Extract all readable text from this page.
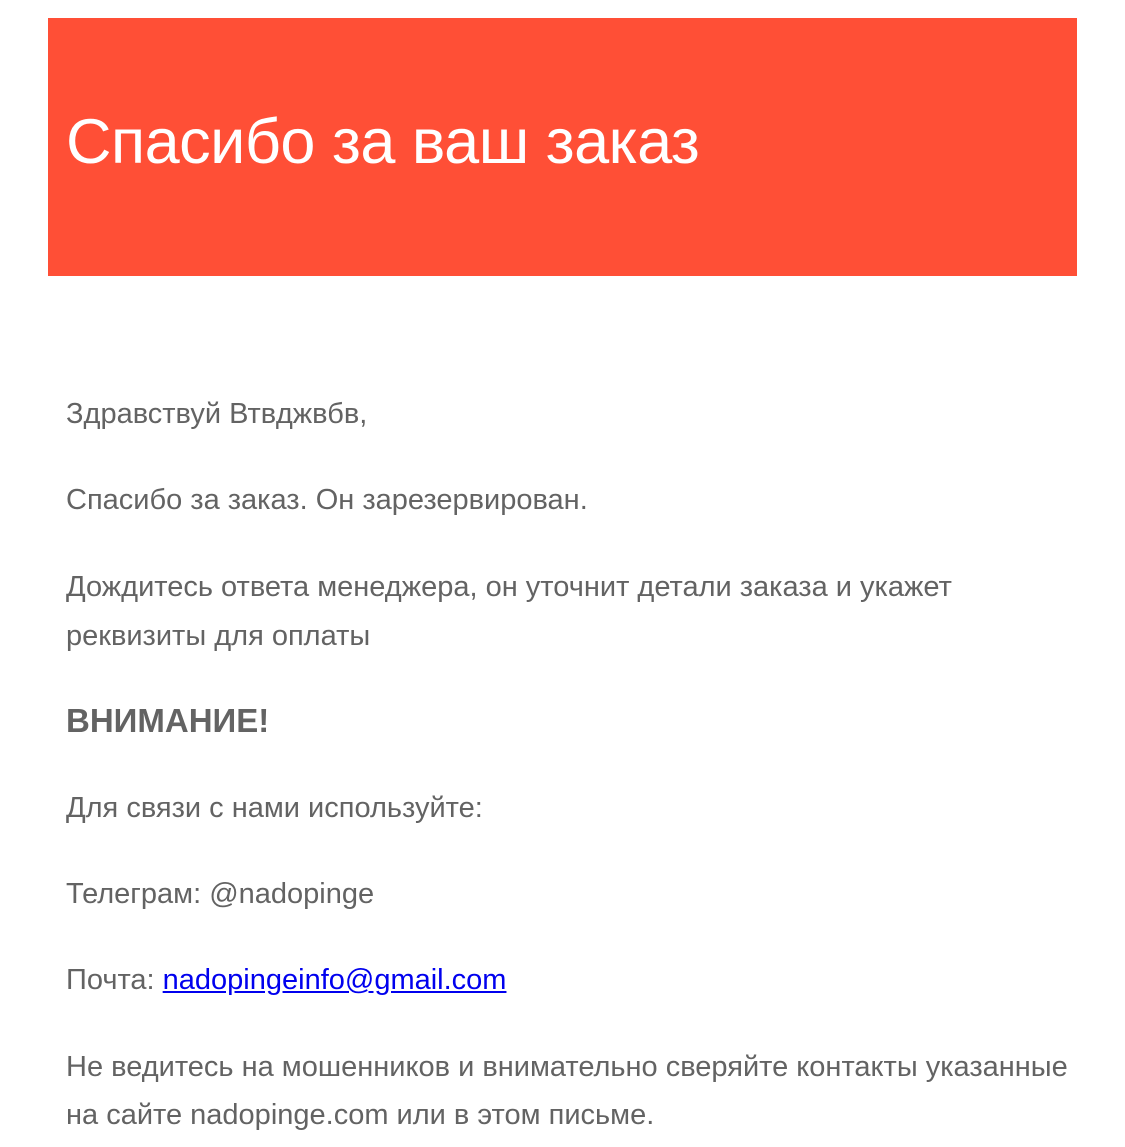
Спасибо за ваш заказ
Здравствуй Втвджвбв,
Спасибо за заказ. Он зарезервирован.
Дождитесь ответа менеджера, он уточнит детали заказа и укажет
реквизиты для оплаты
ВНИМАНИЕ!
Для связи с нами используйте:
Телеграм: @nadopinge
Почта: nadopingeinfo@gmail.com
Не ведитесь на мошенников и внимательно сверяйте контакты указанные
на сайте nadopinge.com или в этом письме.
